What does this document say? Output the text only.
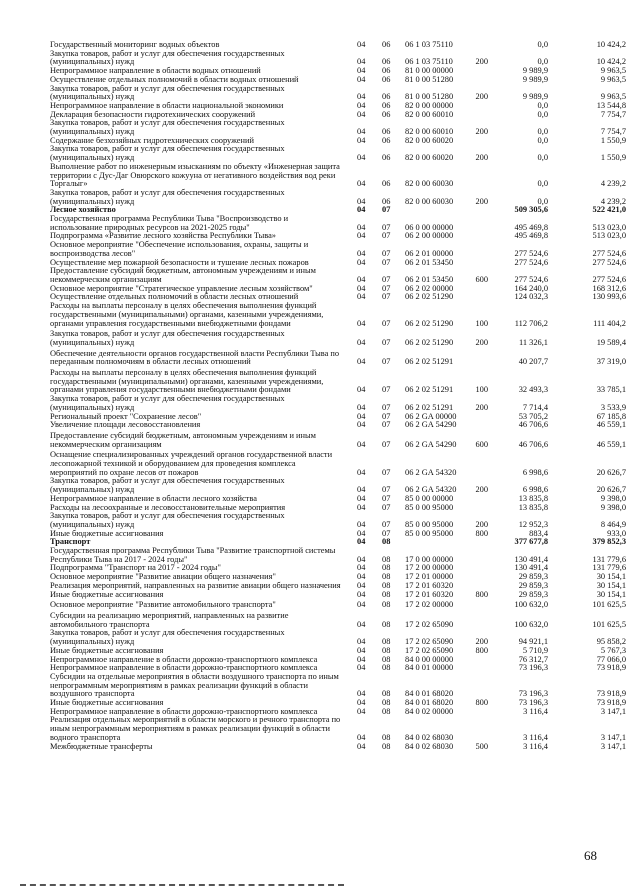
Государственный мониторинг водных объектов	04	06	06 1 03 75110	0,0	10 424,2
Закупка товаров, работ и услуг для обеспечения государственных
(муниципальных) нужд	04	06	06 1 03 75110	200	0,0	10 424,2
Непрограммное направление в области водных отношений	04	06	81 0 00 00000	9 989,9	9 963,5
Осуществление отдельных полномочий в области водных отношений	04	06	81 0 00 51280	9 989,9	9 963,5
Закупка товаров, работ и услуг для обеспечения государственных
(муниципальных) нужд	04	06	81 0 00 51280	200	9 989,9	9 963,5
Непрограммное направление в области национальной экономики	04	06	82 0 00 00000	0,0	13 544,8
Декларация безопасности гидротехнических сооружений	04	06	82 0 00 60010	0,0	7 754,7
Закупка товаров, работ и услуг для обеспечения государственных
(муниципальных) нужд	04	06	82 0 00 60010	200	0,0	7 754,7
Содержание безхозяйных гидротехнических сооружений	04	06	82 0 00 60020	0,0	1 550,9
Закупка товаров, работ и услуг для обеспечения государственных
(муниципальных) нужд	04	06	82 0 00 60020	200	0,0	1 550,9
Выполнение работ по инженерным изысканиям по объекту «Инженерная защита
территории с Дус-Даг Овюрского кожууна от негативного воздействия вод реки
Торгалыг»	04	06	82 0 00 60030	0,0	4 239,2
Закупка товаров, работ и услуг для обеспечения государственных
(муниципальных) нужд	04	06	82 0 00 60030	200	0,0	4 239,2
Лесное хозяйство	04	07	509 305,6	522 421,0
Государственная программа Республики Тыва "Воспроизводство и
использование природных ресурсов на 2021-2025 годы"	04	07	06 0 00 00000	495 469,8	513 023,0
Подпрограмма «Развитие лесного хозяйства Республики Тыва»	04	07	06 2 00 00000	495 469,8	513 023,0
Основное мероприятие "Обеспечение использования, охраны, защиты и
воспроизводства лесов"	04	07	06 2 01 00000	277 524,6	277 524,6
Осуществление мер пожарной безопасности и тушение лесных пожаров	04	07	06 2 01 53450	277 524,6	277 524,6
Предоставление субсидий бюджетным, автономным учреждениям и иным
некоммерческим организациям	04	07	06 2 01 53450	600	277 524,6	277 524,6
Основное мероприятие "Стратегическое управление лесным хозяйством"	04	07	06 2 02 00000	164 240,0	168 312,6
Осуществление отдельных полномочий в области лесных отношений	04	07	06 2 02 51290	124 032,3	130 993,6
Расходы на выплаты персоналу в целях обеспечения выполнения функций
государственными (муниципальными) органами, казенными учреждениями,
органами управления государственными внебюджетными фондами	04	07	06 2 02 51290	100	112 706,2	111 404,2
Закупка товаров, работ и услуг для обеспечения государственных
(муниципальных) нужд	04	07	06 2 02 51290	200	11 326,1	19 589,4
Обеспечение деятельности органов государственной власти Республики Тыва по
переданным полномочиям в области лесных отношений	04	07	06 2 02 51291	40 207,7	37 319,0
Расходы на выплаты персоналу в целях обеспечения выполнения функций
государственными (муниципальными) органами, казенными учреждениями,
органами управления государственными внебюджетными фондами	04	07	06 2 02 51291	100	32 493,3	33 785,1
Закупка товаров, работ и услуг для обеспечения государственных
(муниципальных) нужд	04	07	06 2 02 51291	200	7 714,4	3 533,9
Региональный проект "Сохранение лесов"	04	07	06 2 GA 00000	53 705,2	67 185,8
Увеличение площади лесовосстановления	04	07	06 2 GA 54290	46 706,6	46 559,1
Предоставление субсидий бюджетным, автономным учреждениям и иным
некоммерческим организациям	04	07	06 2 GA 54290	600	46 706,6	46 559,1
Оснащение специализированных учреждений органов государственной власти
лесопожарной техникой и оборудованием для проведения комплекса
мероприятий по охране лесов от пожаров	04	07	06 2 GA 54320	6 998,6	20 626,7
Закупка товаров, работ и услуг для обеспечения государственных
(муниципальных) нужд	04	07	06 2 GA 54320	200	6 998,6	20 626,7
Непрограммное направление в области лесного хозяйства	04	07	85 0 00 00000	13 835,8	9 398,0
Расходы на лесоохранные и лесовосстановительные мероприятия	04	07	85 0 00 95000	13 835,8	9 398,0
Закупка товаров, работ и услуг для обеспечения государственных
(муниципальных) нужд	04	07	85 0 00 95000	200	12 952,3	8 464,9
Иные бюджетные ассигнования	04	07	85 0 00 95000	800	883,4	933,0
Транспорт	04	08	377 677,8	379 852,3
Государственная программа Республики Тыва "Развитие транспортной системы
Республики Тыва на 2017 - 2024 годы"	04	08	17 0 00 00000	130 491,4	131 779,6
Подпрограмма "Транспорт на 2017 - 2024 годы"	04	08	17 2 00 00000	130 491,4	131 779,6
Основное мероприятие "Развитие авиации общего назначения"	04	08	17 2 01 00000	29 859,3	30 154,1
Реализация мероприятий, направленных на развитие авиации общего назначения	04	08	17 2 01 60320	29 859,3	30 154,1
Иные бюджетные ассигнования	04	08	17 2 01 60320	800	29 859,3	30 154,1
Основное мероприятие "Развитие автомобильного транспорта"	04	08	17 2 02 00000	100 632,0	101 625,5
Субсидии на реализацию мероприятий, направленных на развитие
автомобильного транспорта	04	08	17 2 02 65090	100 632,0	101 625,5
Закупка товаров, работ и услуг для обеспечения государственных
(муниципальных) нужд	04	08	17 2 02 65090	200	94 921,1	95 858,2
Иные бюджетные ассигнования	04	08	17 2 02 65090	800	5 710,9	5 767,3
Непрограммное направление в области дорожно-транспортного комплекса	04	08	84 0 00 00000	76 312,7	77 066,0
Непрограммное направление в области дорожно-транспортного комплекса	04	08	84 0 01 00000	73 196,3	73 918,9
Субсидии на отдельные мероприятия в области воздушного транспорта по иным
непрограммным мероприятиям в рамках реализации функций в области
воздушного транспорта	04	08	84 0 01 68020	73 196,3	73 918,9
Иные бюджетные ассигнования	04	08	84 0 01 68020	800	73 196,3	73 918,9
Непрограммное направление в области дорожно-транспортного комплекса	04	08	84 0 02 00000	3 116,4	3 147,1
Реализация отдельных мероприятий в области морского и речного транспорта по
иным непрограммным мероприятиям в рамках реализации функций в области
водного транспорта	04	08	84 0 02 68030	3 116,4	3 147,1
Межбюджетные трансферты	04	08	84 0 02 68030	500	3 116,4	3 147,1
68
